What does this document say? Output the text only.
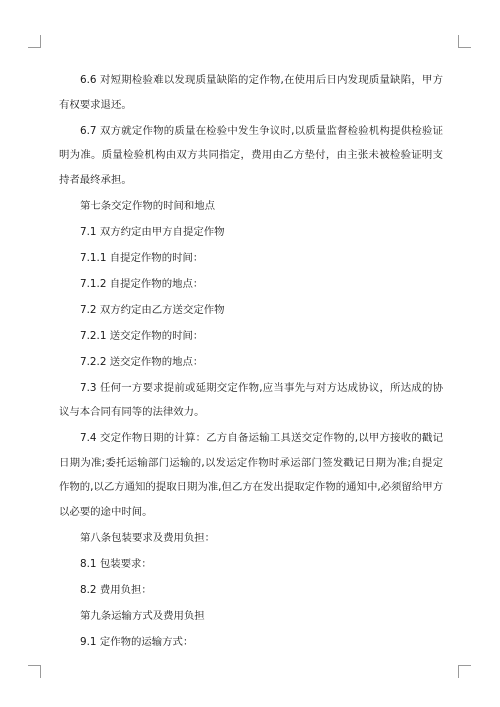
6.6 对短期检验难以发现质量缺陷的定作物,在使用后日内发现质量缺陷，甲方有权要求退还。

6.7 双方就定作物的质量在检验中发生争议时,以质量监督检验机构提供检验证明为准。质量检验机构由双方共同指定，费用由乙方垫付，由主张未被检验证明支持者最终承担。

第七条交定作物的时间和地点

7.1 双方约定由甲方自提定作物

7.1.1 自提定作物的时间：

7.1.2 自提定作物的地点：

7.2 双方约定由乙方送交定作物

7.2.1 送交定作物的时间：

7.2.2 送交定作物的地点：

7.3 任何一方要求提前或延期交定作物,应当事先与对方达成协议，所达成的协议与本合同有同等的法律效力。

7.4 交定作物日期的计算：乙方自备运输工具送交定作物的,以甲方接收的戳记日期为准;委托运输部门运输的,以发运定作物时承运部门签发戳记日期为准;自提定作物的,以乙方通知的提取日期为准,但乙方在发出提取定作物的通知中,必须留给甲方以必要的途中时间。

第八条包装要求及费用负担：

8.1 包装要求：

8.2 费用负担：

第九条运输方式及费用负担

9.1 定作物的运输方式：
